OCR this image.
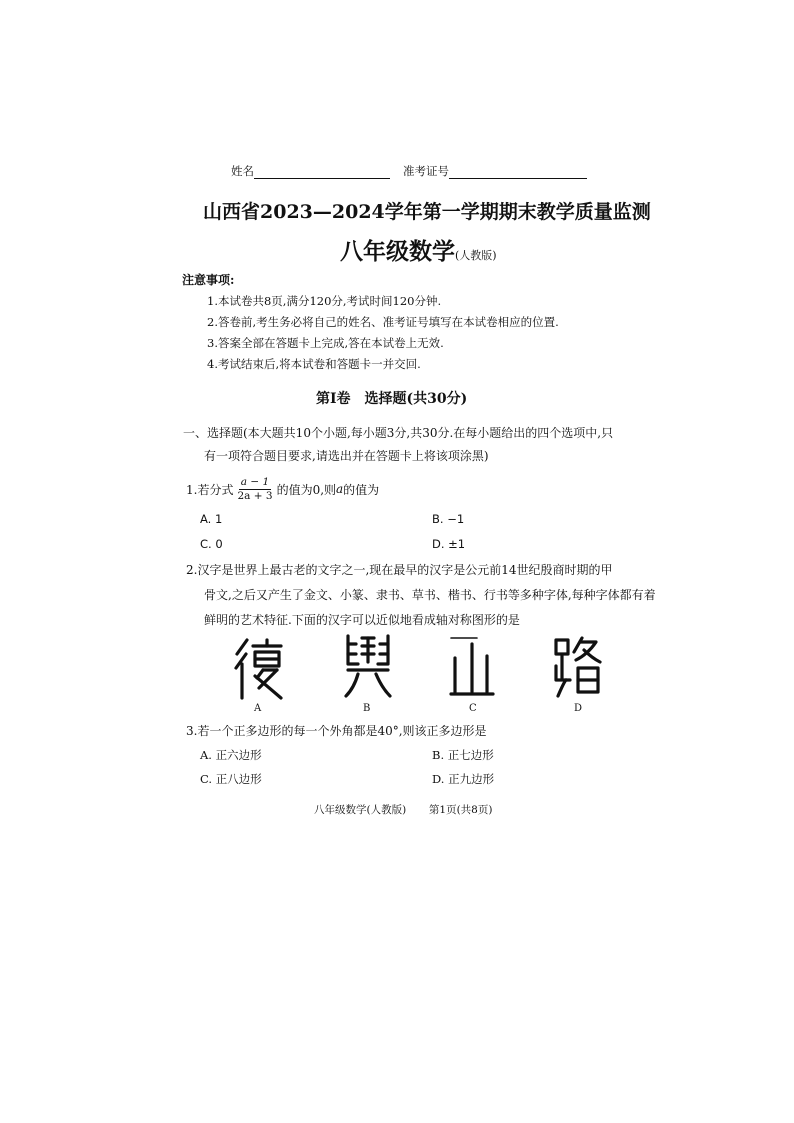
姓名	准考证号
山西省2023—2024学年第一学期期末教学质量监测
八年级数学(人教版)
注意事项:
1.本试卷共8页,满分120分,考试时间120分钟.
2.答卷前,考生务必将自己的姓名、准考证号填写在本试卷相应的位置.
3.答案全部在答题卡上完成,答在本试卷上无效.
4.考试结束后,将本试卷和答题卡一并交回.
第Ⅰ卷　选择题(共30分)
一、选择题(本大题共10个小题,每小题3分,共30分.在每小题给出的四个选项中,只
有一项符合题目要求,请选出并在答题卡上将该项涂黑)
1.若分式 $\frac{a - 1}{2a + 3}$ 的值为0,则 a 的值为
A. 1	B. −1
C. 0	D. ±1
2.汉字是世界上最古老的文字之一,现在最早的汉字是公元前14世纪殷商时期的甲
骨文,之后又产生了金文、小篆、隶书、草书、楷书、行书等多种字体,每种字体都有着
鲜明的艺术特征.下面的汉字可以近似地看成轴对称图形的是
A	B	C	D
3.若一个正多边形的每一个外角都是40°,则该正多边形是
A. 正六边形	B. 正七边形
C. 正八边形	D. 正九边形
八年级数学(人教版) 第1页(共8页)
